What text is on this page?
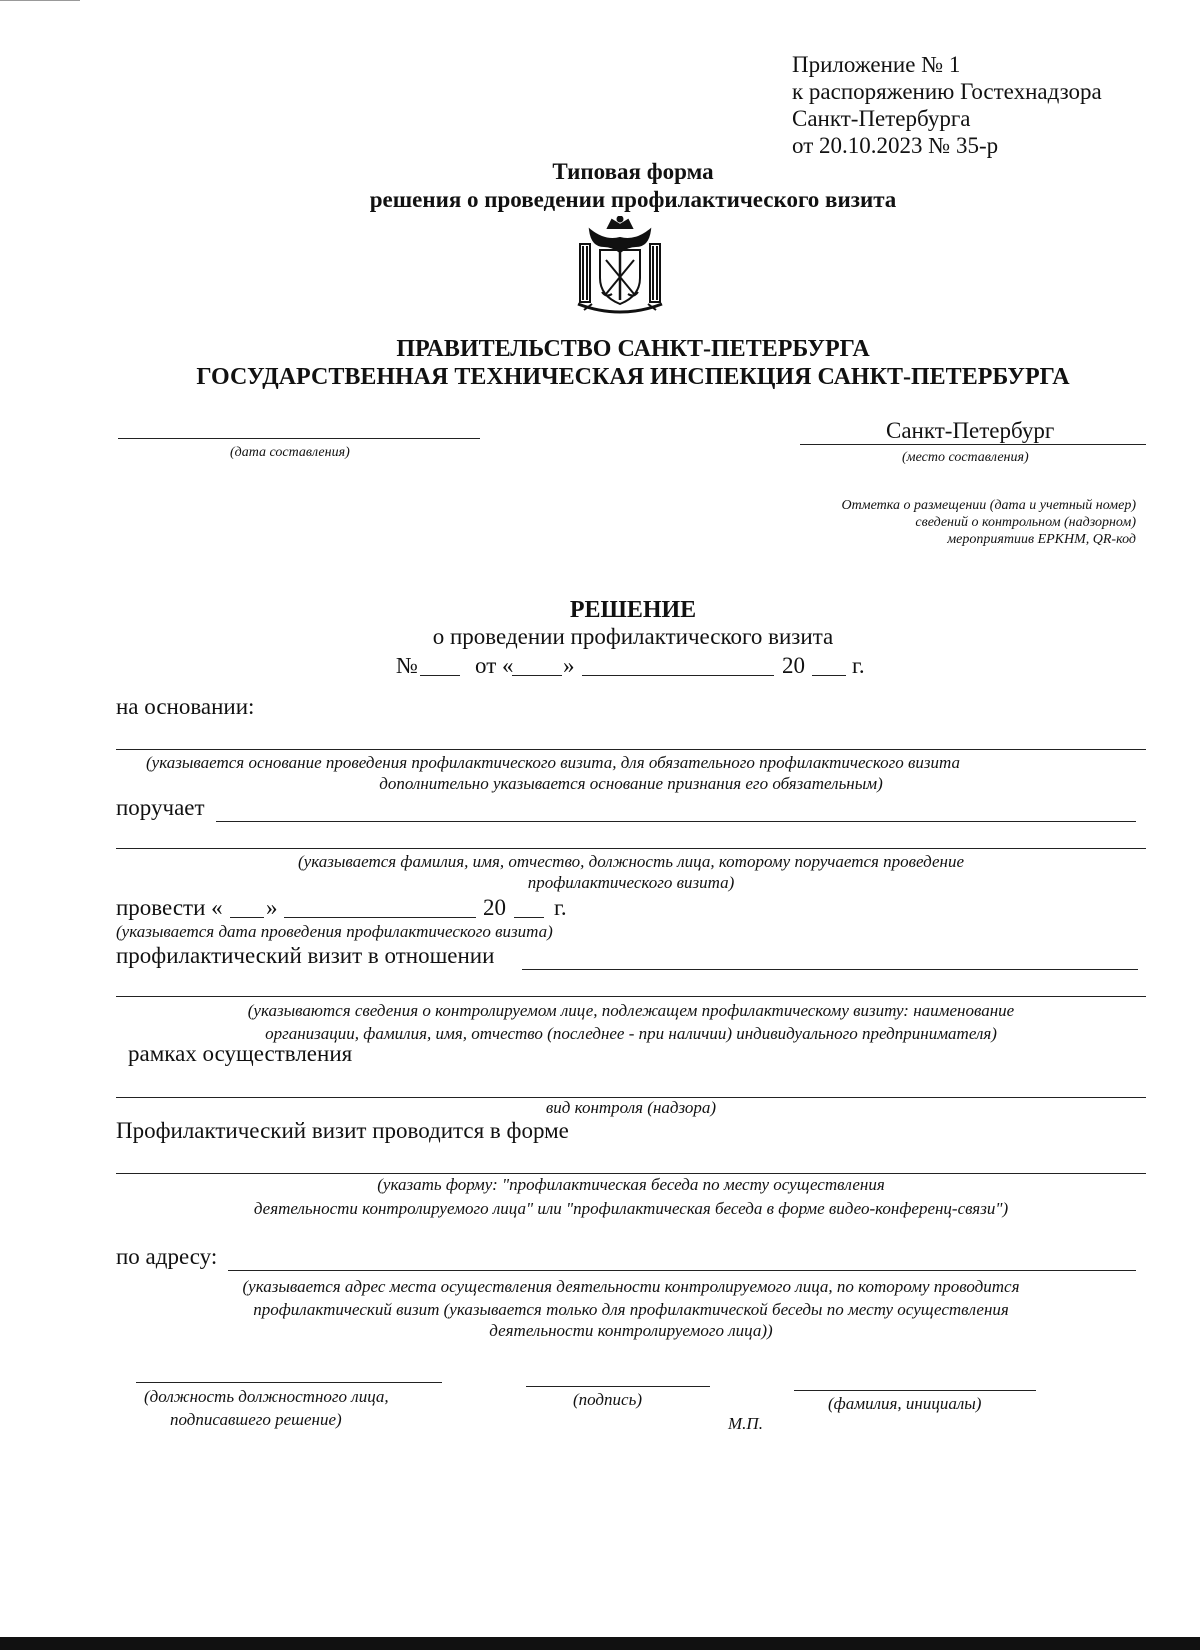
Приложение № 1
к распоряжению Гостехнадзора
Санкт-Петербурга
от 20.10.2023 № 35-р
Типовая форма
решения о проведении профилактического визита
ПРАВИТЕЛЬСТВО САНКТ-ПЕТЕРБУРГА
ГОСУДАРСТВЕННАЯ ТЕХНИЧЕСКАЯ ИНСПЕКЦИЯ САНКТ-ПЕТЕРБУРГА
(дата составления)
Санкт-Петербург
(место составления)
Отметка о размещении (дата и учетный номер)
сведений о контрольном (надзорном)
мероприятиив ЕРКНМ, QR-код
РЕШЕНИЕ
о проведении профилактического визита
№ от « »	20 г.
на основании:
(указывается основание проведения профилактического визита, для обязательного профилактического визита
дополнительно указывается основание признания его обязательным)
поручает
(указывается фамилия, имя, отчество, должность лица, которому поручается проведение
профилактического визита)
провести « »	20 г.
(указывается дата проведения профилактического визита)
профилактический визит в отношении
(указываются сведения о контролируемом лице, подлежащем профилактическому визиту: наименование
организации, фамилия, имя, отчество (последнее - при наличии) индивидуального предпринимателя)
рамках осуществления
вид контроля (надзора)
Профилактический визит проводится в форме
(указать форму: "профилактическая беседа по месту осуществления
деятельности контролируемого лица" или "профилактическая беседа в форме видео-конференц-связи")
по адресу:
(указывается адрес места осуществления деятельности контролируемого лица, по которому проводится
профилактический визит (указывается только для профилактической беседы по месту осуществления
деятельности контролируемого лица))
(должность должностного лица,
подписавшего решение)
(подпись)	(фамилия, инициалы)
М.П.
